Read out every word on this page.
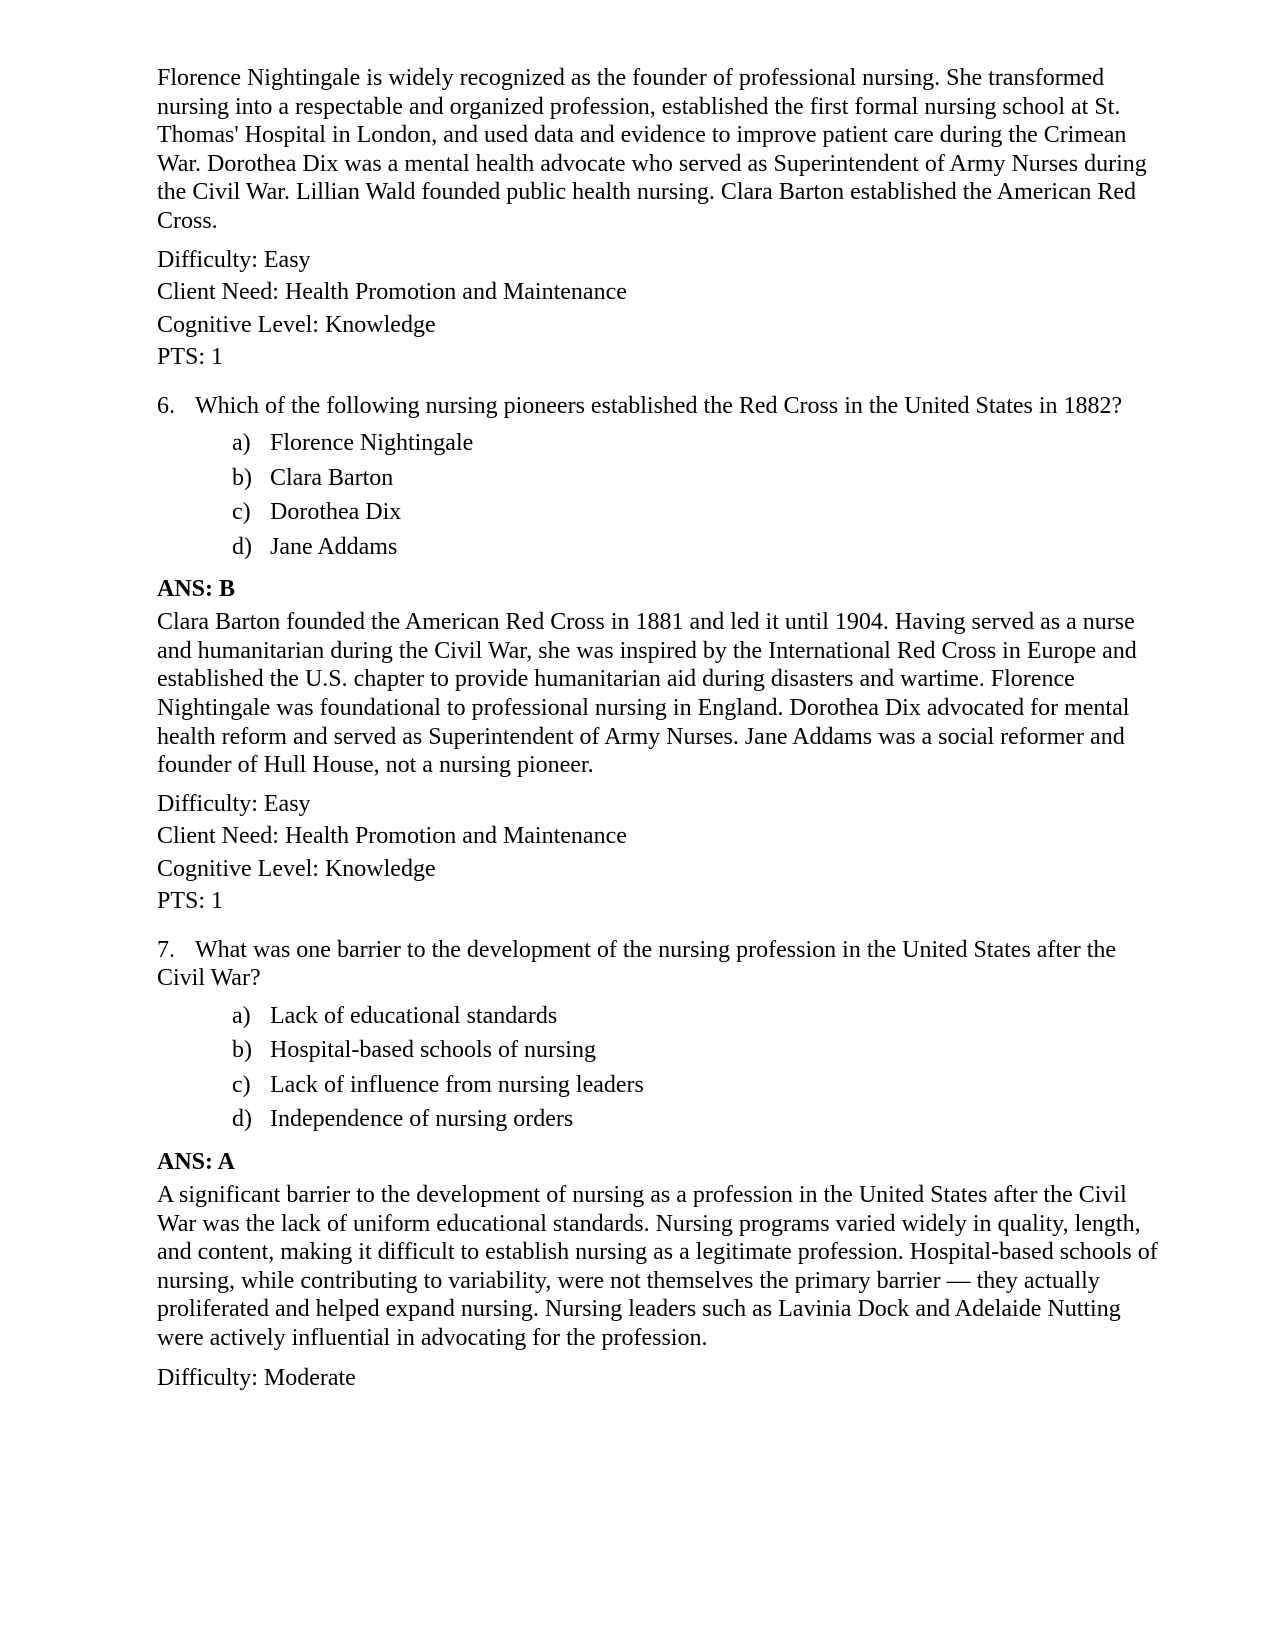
Florence Nightingale is widely recognized as the founder of professional nursing. She transformed nursing into a respectable and organized profession, established the first formal nursing school at St. Thomas' Hospital in London, and used data and evidence to improve patient care during the Crimean War. Dorothea Dix was a mental health advocate who served as Superintendent of Army Nurses during the Civil War. Lillian Wald founded public health nursing. Clara Barton established the American Red Cross.

Difficulty: Easy

Client Need: Health Promotion and Maintenance

Cognitive Level: Knowledge

PTS: 1

6. Which of the following nursing pioneers established the Red Cross in the United States in 1882?

a) Florence Nightingale
b) Clara Barton
c) Dorothea Dix
d) Jane Addams

ANS: B

Clara Barton founded the American Red Cross in 1881 and led it until 1904. Having served as a nurse and humanitarian during the Civil War, she was inspired by the International Red Cross in Europe and established the U.S. chapter to provide humanitarian aid during disasters and wartime. Florence Nightingale was foundational to professional nursing in England. Dorothea Dix advocated for mental health reform and served as Superintendent of Army Nurses. Jane Addams was a social reformer and founder of Hull House, not a nursing pioneer.

Difficulty: Easy

Client Need: Health Promotion and Maintenance

Cognitive Level: Knowledge

PTS: 1

7. What was one barrier to the development of the nursing profession in the United States after the Civil War?

a) Lack of educational standards
b) Hospital-based schools of nursing
c) Lack of influence from nursing leaders
d) Independence of nursing orders

ANS: A

A significant barrier to the development of nursing as a profession in the United States after the Civil War was the lack of uniform educational standards. Nursing programs varied widely in quality, length, and content, making it difficult to establish nursing as a legitimate profession. Hospital-based schools of nursing, while contributing to variability, were not themselves the primary barrier — they actually proliferated and helped expand nursing. Nursing leaders such as Lavinia Dock and Adelaide Nutting were actively influential in advocating for the profession.

Difficulty: Moderate
